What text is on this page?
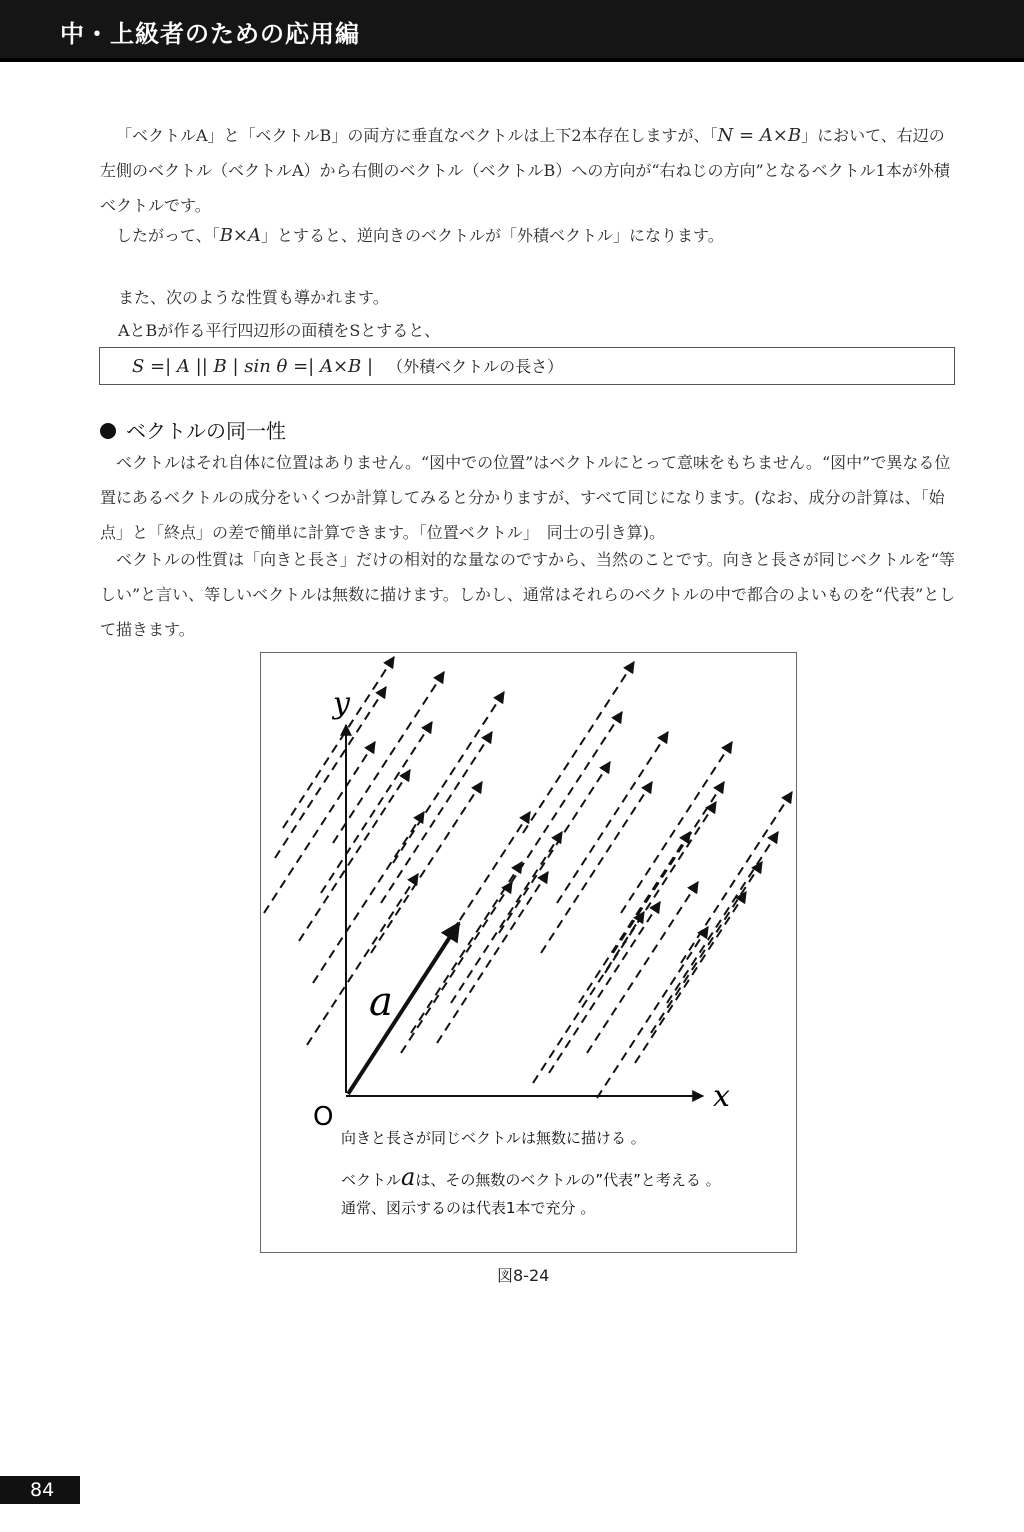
中・上級者のための応用編
「ベクトルA」と「ベクトルB」の両方に垂直なベクトルは上下2本存在しますが、「N = A×B」において、右辺の左側のベクトル（ベクトルA）から右側のベクトル（ベクトルB）への方向が“右ねじの方向”となるベクトル1本が外積ベクトルです。
したがって、「B×A」とすると、逆向きのベクトルが「外積ベクトル」になります。
また、次のような性質も導かれます。
AとBが作る平行四辺形の面積をSとすると、
S =| A || B | sin θ =| A×B | （外積ベクトルの長さ）
ベクトルの同一性
ベクトルはそれ自体に位置はありません。“図中での位置”はベクトルにとって意味をもちません。“図中”で異なる位置にあるベクトルの成分をいくつか計算してみると分かりますが、すべて同じになります。(なお、成分の計算は、「始点」と「終点」の差で簡単に計算できます。「位置ベクトル」　同士の引き算)。
ベクトルの性質は「向きと長さ」だけの相対的な量なのですから、当然のことです。向きと長さが同じベクトルを“等しい”と言い、等しいベクトルは無数に描けます。しかし、通常はそれらのベクトルの中で都合のよいものを“代表”として描きます。
y
x
O
a
向きと長さが同じベクトルは無数に描ける 。
ベクトルaは、その無数のベクトルの”代表”と考える 。
通常、図示するのは代表1本で充分 。
図8-24
84
